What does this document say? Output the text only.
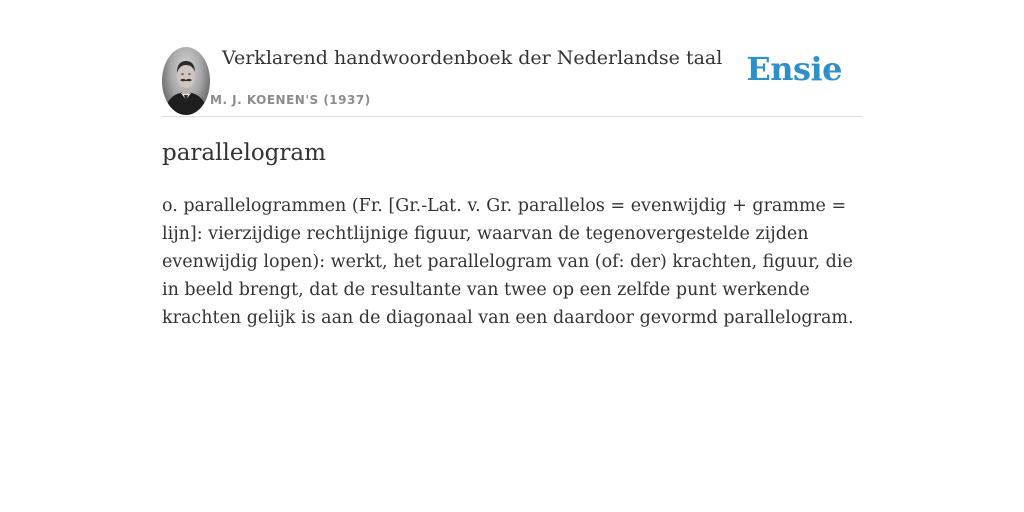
Verklarend handwoordenboek der Nederlandse taal
M. J. KOENEN'S (1937)
Ensie
parallelogram

o. parallelogrammen (Fr. [Gr.-Lat. v. Gr. parallelos = evenwijdig + gramme = lijn]: vierzijdige rechtlijnige figuur, waarvan de tegenovergestelde zijden evenwijdig lopen): werkt, het parallelogram van (of: der) krachten, figuur, die in beeld brengt, dat de resultante van twee op een zelfde punt werkende krachten gelijk is aan de diagonaal van een daardoor gevormd parallelogram.
